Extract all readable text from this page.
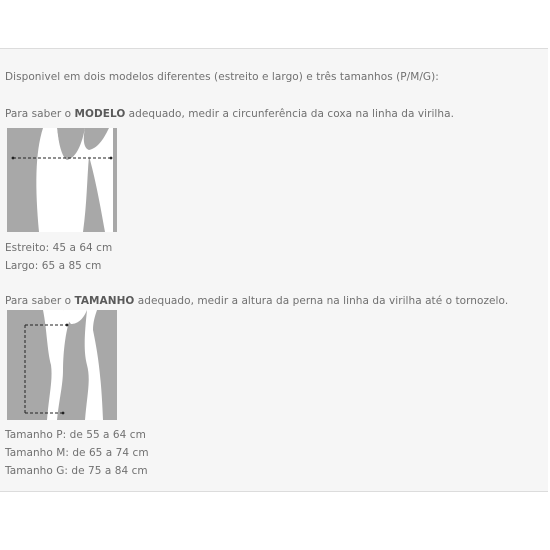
Disponivel em dois modelos diferentes (estreito e largo) e três tamanhos (P/M/G):
Para saber o MODELO adequado, medir a circunferência da coxa na linha da virilha.
Estreito: 45 a 64 cm
Largo: 65 a 85 cm
Para saber o TAMANHO adequado, medir a altura da perna na linha da virilha até o tornozelo.
Tamanho P: de 55 a 64 cm
Tamanho M: de 65 a 74 cm
Tamanho G: de 75 a 84 cm
